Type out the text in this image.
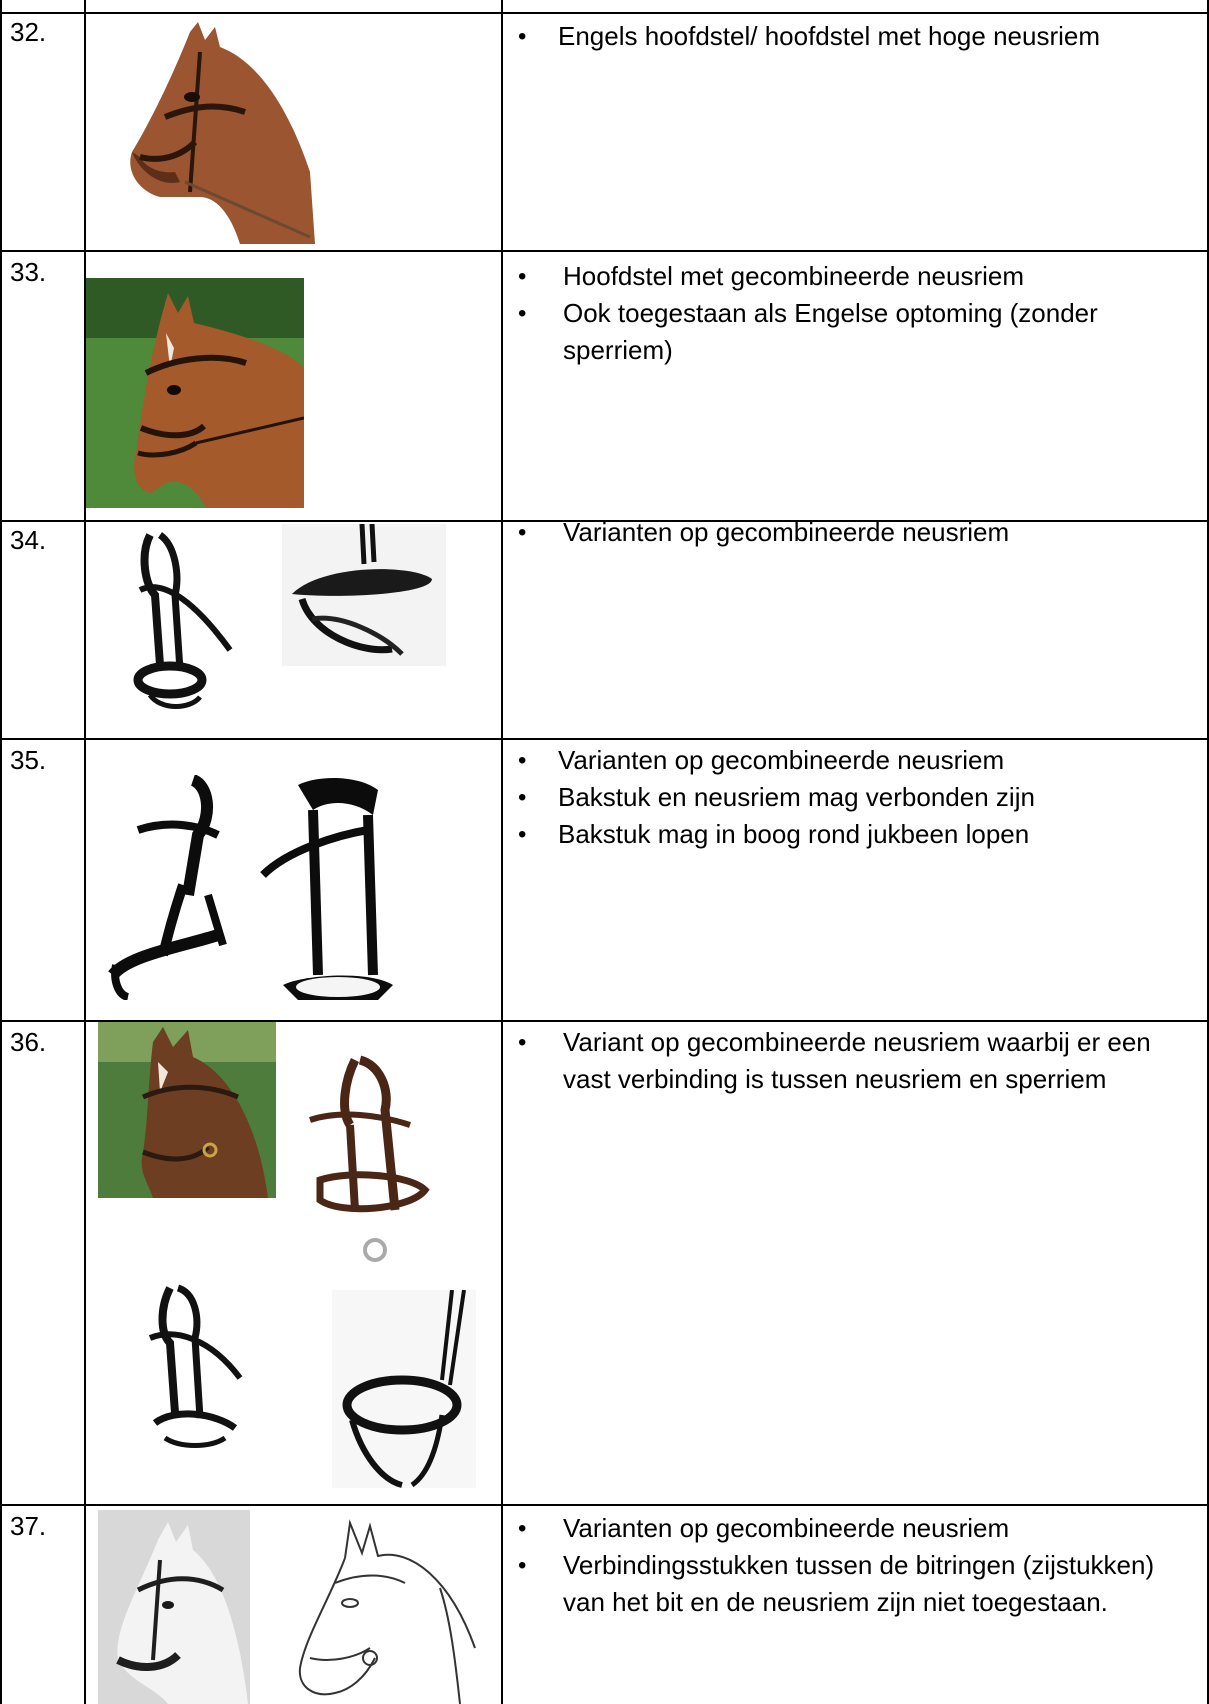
32.	• Engels hoofdstel/ hoofdstel met hoge neusriem
33.	• Hoofdstel met gecombineerde neusriem
• Ook toegestaan als Engelse optoming (zonder sperriem)
34.	• Varianten op gecombineerde neusriem
35.	• Varianten op gecombineerde neusriem
• Bakstuk en neusriem mag verbonden zijn
• Bakstuk mag in boog rond jukbeen lopen
36.	• Variant op gecombineerde neusriem waarbij er een vast verbinding is tussen neusriem en sperriem
37.	• Varianten op gecombineerde neusriem
• Verbindingsstukken tussen de bitringen (zijstukken) van het bit en de neusriem zijn niet toegestaan.
